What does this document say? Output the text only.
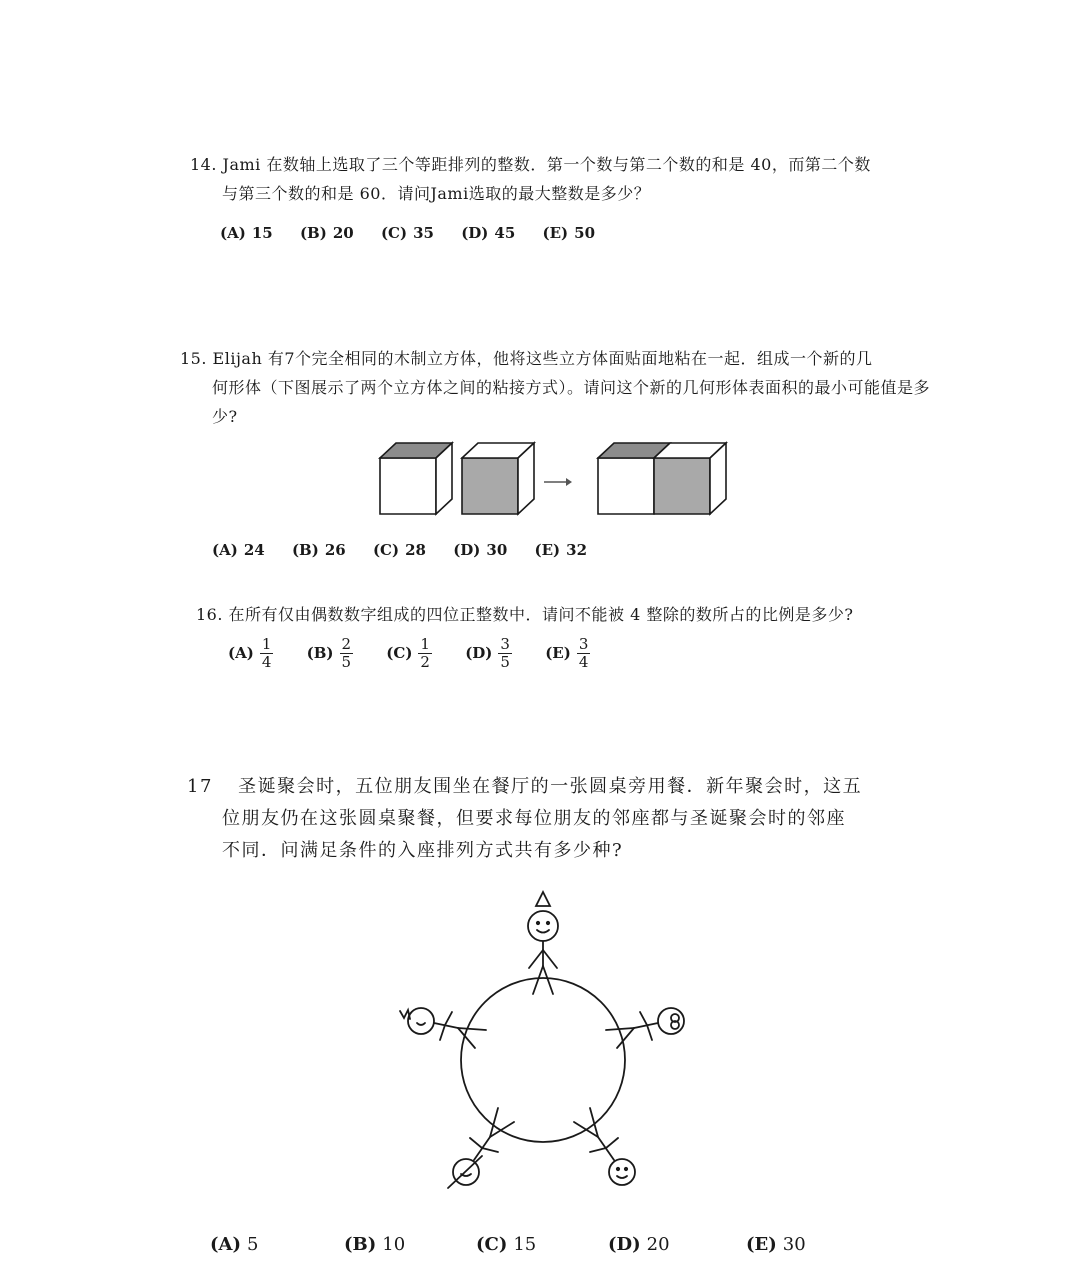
14. Jami 在数轴上选取了三个等距排列的整数．第一个数与第二个数的和是 40，而第二个数
与第三个数的和是 60．请问Jami选取的最大整数是多少？
(A) 15 (B) 20 (C) 35 (D) 45 (E) 50
15. Elijah 有7个完全相同的木制立方体，他将这些立方体面贴面地粘在一起．组成一个新的几
何形体（下图展示了两个立方体之间的粘接方式）。请问这个新的几何形体表面积的最小可能值是多
少?
(A) 24 (B) 26 (C) 28 (D) 30 (E) 32
16. 在所有仅由偶数数字组成的四位正整数中．请问不能被 4 整除的数所占的比例是多少?
$(A) \frac{1}{4} (B) \frac{2}{5} (C) \frac{1}{2} (D) \frac{3}{5} (E) \frac{3}{4}$
17 圣诞聚会时，五位朋友围坐在餐厅的一张圆桌旁用餐．新年聚会时，这五
位朋友仍在这张圆桌聚餐，但要求每位朋友的邻座都与圣诞聚会时的邻座
不同．问满足条件的入座排列方式共有多少种?
(A) 5	(B) 10	(C) 15	(D) 20	(E) 30
